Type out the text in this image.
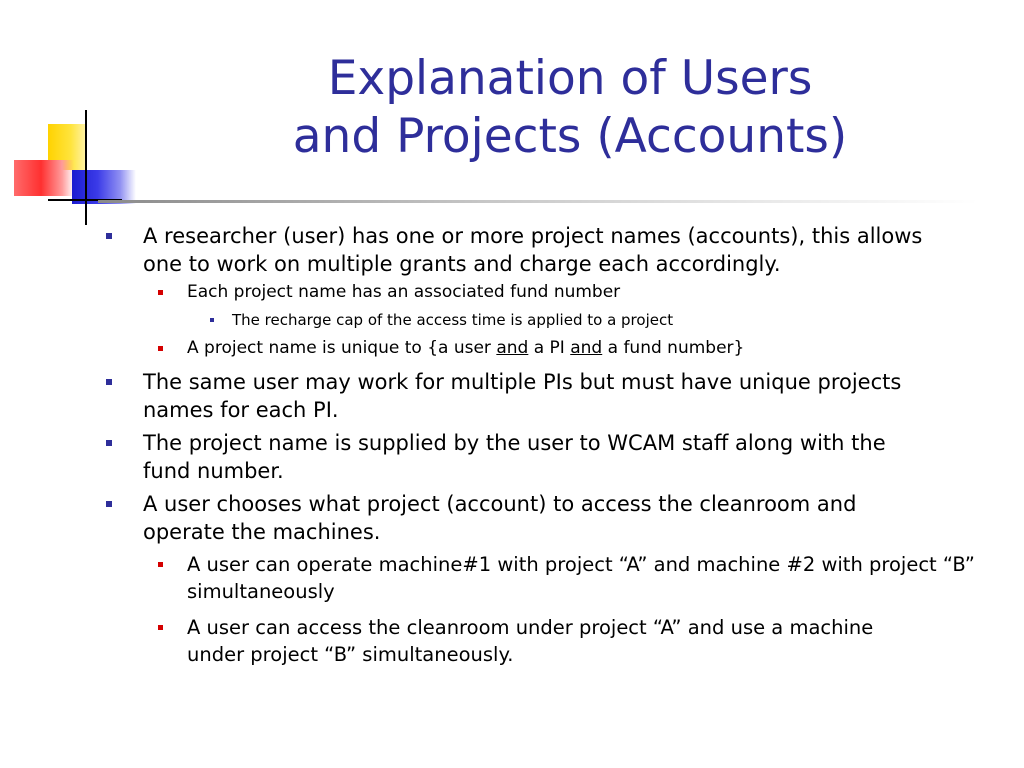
Explanation of Users
and Projects (Accounts)
A researcher (user) has one or more project names (accounts), this allows one to work on multiple grants and charge each accordingly.
Each project name has an associated fund number
The recharge cap of the access time is applied to a project
A project name is unique to {a user and a PI and a fund number}
The same user may work for multiple PIs but must have unique projects names for each PI.
The project name is supplied by the user to WCAM staff along with the fund number.
A user chooses what project (account) to access the cleanroom and operate the machines.
A user can operate machine#1 with project “A” and machine #2 with project “B” simultaneously
A user can access the cleanroom under project “A” and use a machine under project “B” simultaneously.
